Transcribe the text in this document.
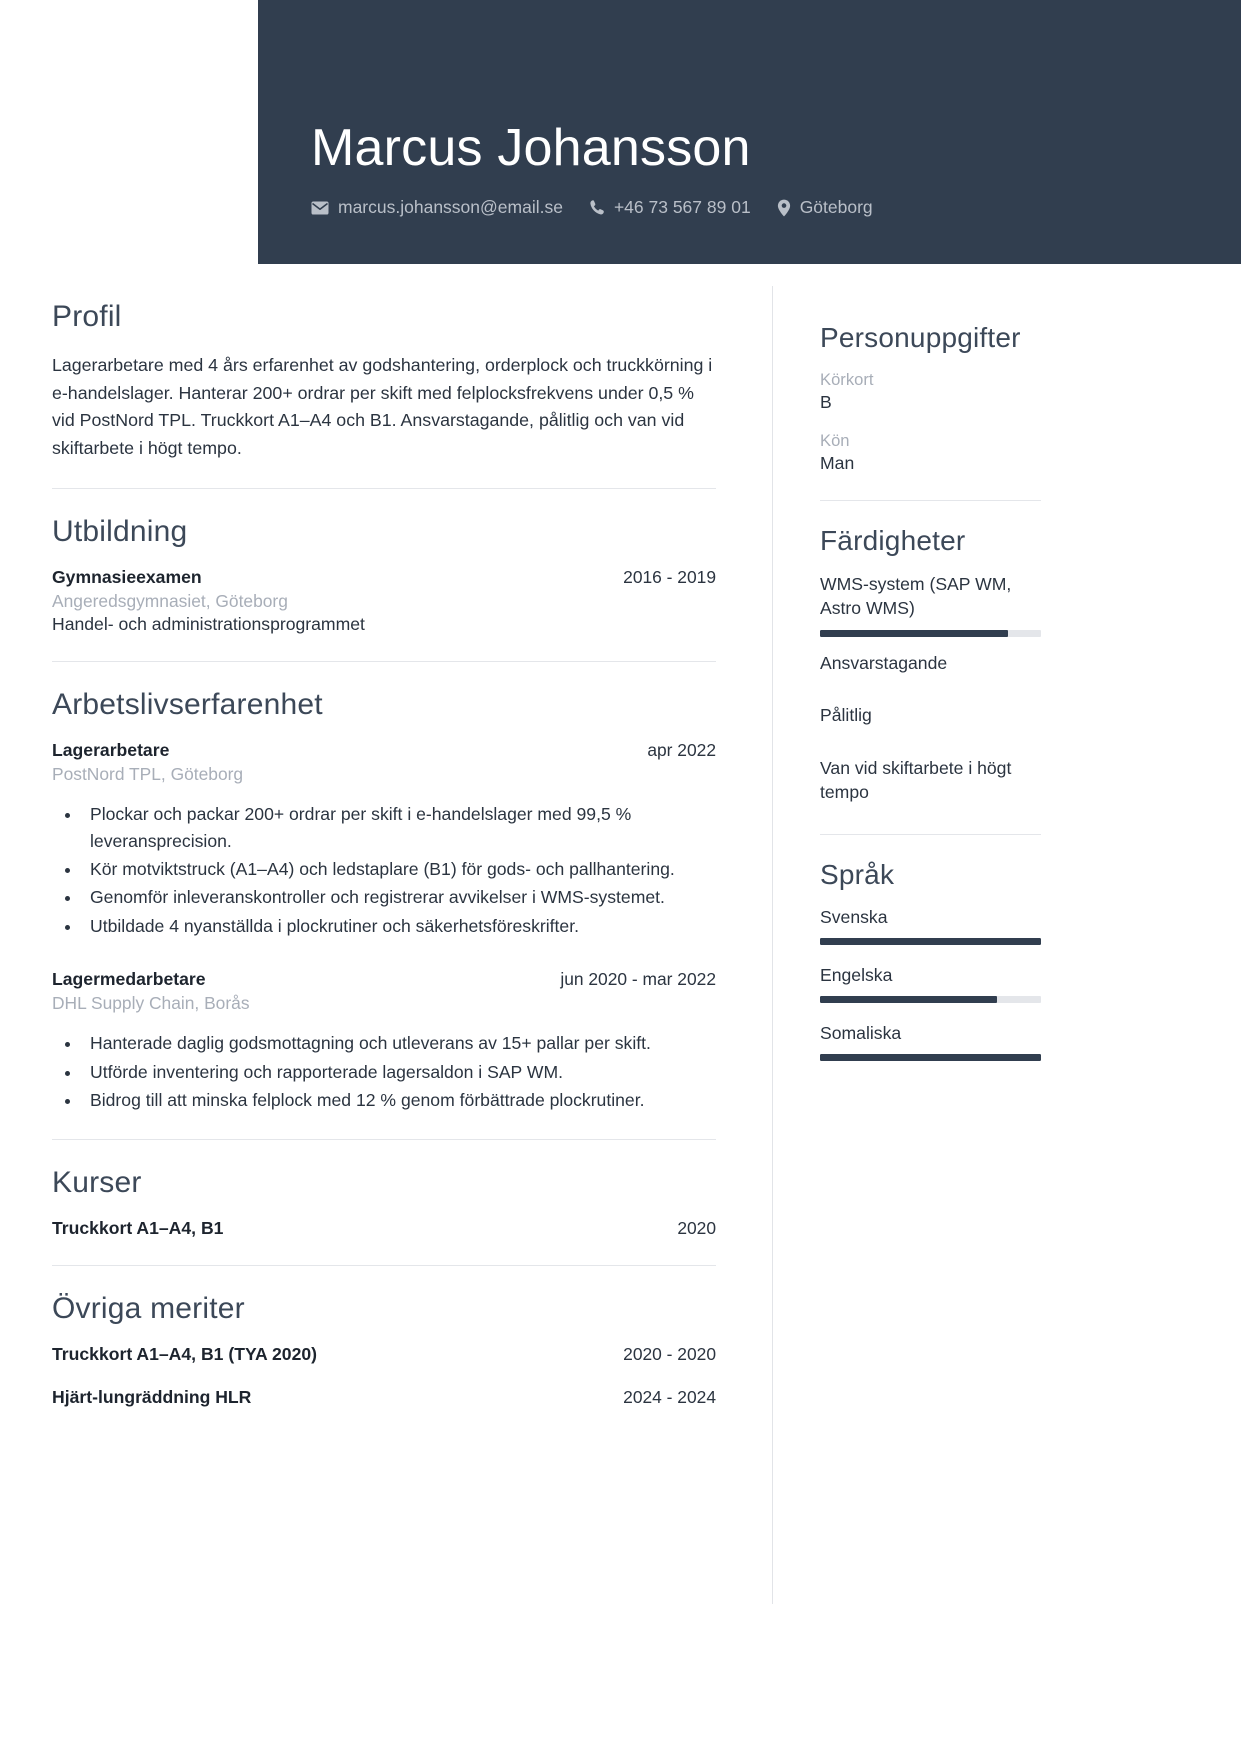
Marcus Johansson
marcus.johansson@email.se	+46 73 567 89 01	Göteborg
Profil

Lagerarbetare med 4 års erfarenhet av godshantering, orderplock och truckkörning i e-handelslager. Hanterar 200+ ordrar per skift med felplocksfrekvens under 0,5 % vid PostNord TPL. Truckkort A1–A4 och B1. Ansvarstagande, pålitlig och van vid skiftarbete i högt tempo.

Utbildning
Gymnasieexamen	2016 - 2019
Angeredsgymnasiet, Göteborg
Handel- och administrationsprogrammet
Arbetslivserfarenhet
Lagerarbetare	apr 2022
PostNord TPL, Göteborg
• Plockar och packar 200+ ordrar per skift i e-handelslager med 99,5 % leveransprecision.
• Kör motviktstruck (A1–A4) och ledstaplare (B1) för gods- och pallhantering.
• Genomför inleveranskontroller och registrerar avvikelser i WMS-systemet.
• Utbildade 4 nyanställda i plockrutiner och säkerhetsföreskrifter.
Lagermedarbetare	jun 2020 - mar 2022
DHL Supply Chain, Borås
• Hanterade daglig godsmottagning och utleverans av 15+ pallar per skift.
• Utförde inventering och rapporterade lagersaldon i SAP WM.
• Bidrog till att minska felplock med 12 % genom förbättrade plockrutiner.
Kurser
Truckkort A1–A4, B1	2020
Övriga meriter
Truckkort A1–A4, B1 (TYA 2020)	2020 - 2020
Hjärt-lungräddning HLR	2024 - 2024
Personuppgifter
Körkort
B
Kön
Man
Färdigheter
WMS-system (SAP WM, Astro WMS)
Ansvarstagande
Pålitlig
Van vid skiftarbete i högt tempo
Språk
Svenska
Engelska
Somaliska
